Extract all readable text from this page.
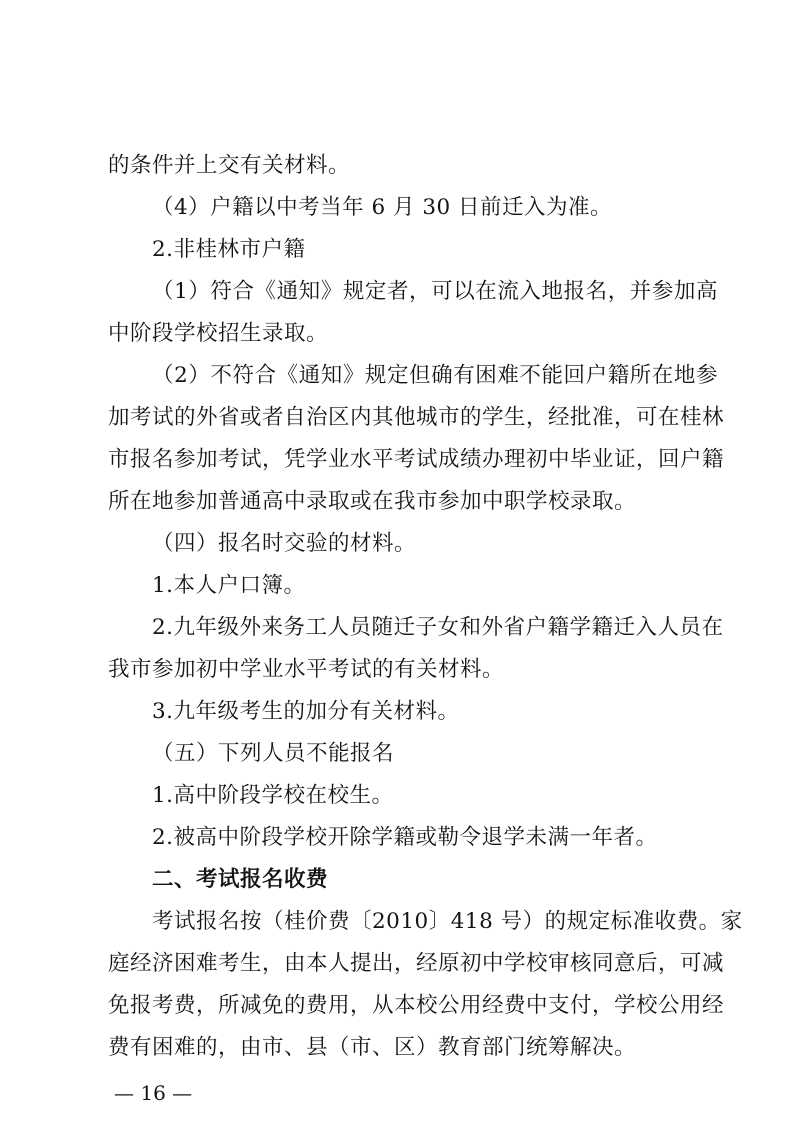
的条件并上交有关材料。
（4）户籍以中考当年 6 月 30 日前迁入为准。
2.非桂林市户籍
（1）符合《通知》规定者，可以在流入地报名，并参加高
中阶段学校招生录取。
（2）不符合《通知》规定但确有困难不能回户籍所在地参
加考试的外省或者自治区内其他城市的学生，经批准，可在桂林
市报名参加考试，凭学业水平考试成绩办理初中毕业证，回户籍
所在地参加普通高中录取或在我市参加中职学校录取。
（四）报名时交验的材料。
1.本人户口簿。
2.九年级外来务工人员随迁子女和外省户籍学籍迁入人员在
我市参加初中学业水平考试的有关材料。
3.九年级考生的加分有关材料。
（五）下列人员不能报名
1.高中阶段学校在校生。
2.被高中阶段学校开除学籍或勒令退学未满一年者。
二、考试报名收费
考试报名按（桂价费〔2010〕418 号）的规定标准收费。家
庭经济困难考生，由本人提出，经原初中学校审核同意后，可减
免报考费，所减免的费用，从本校公用经费中支付，学校公用经
费有困难的，由市、县（市、区）教育部门统筹解决。
— 16 —
